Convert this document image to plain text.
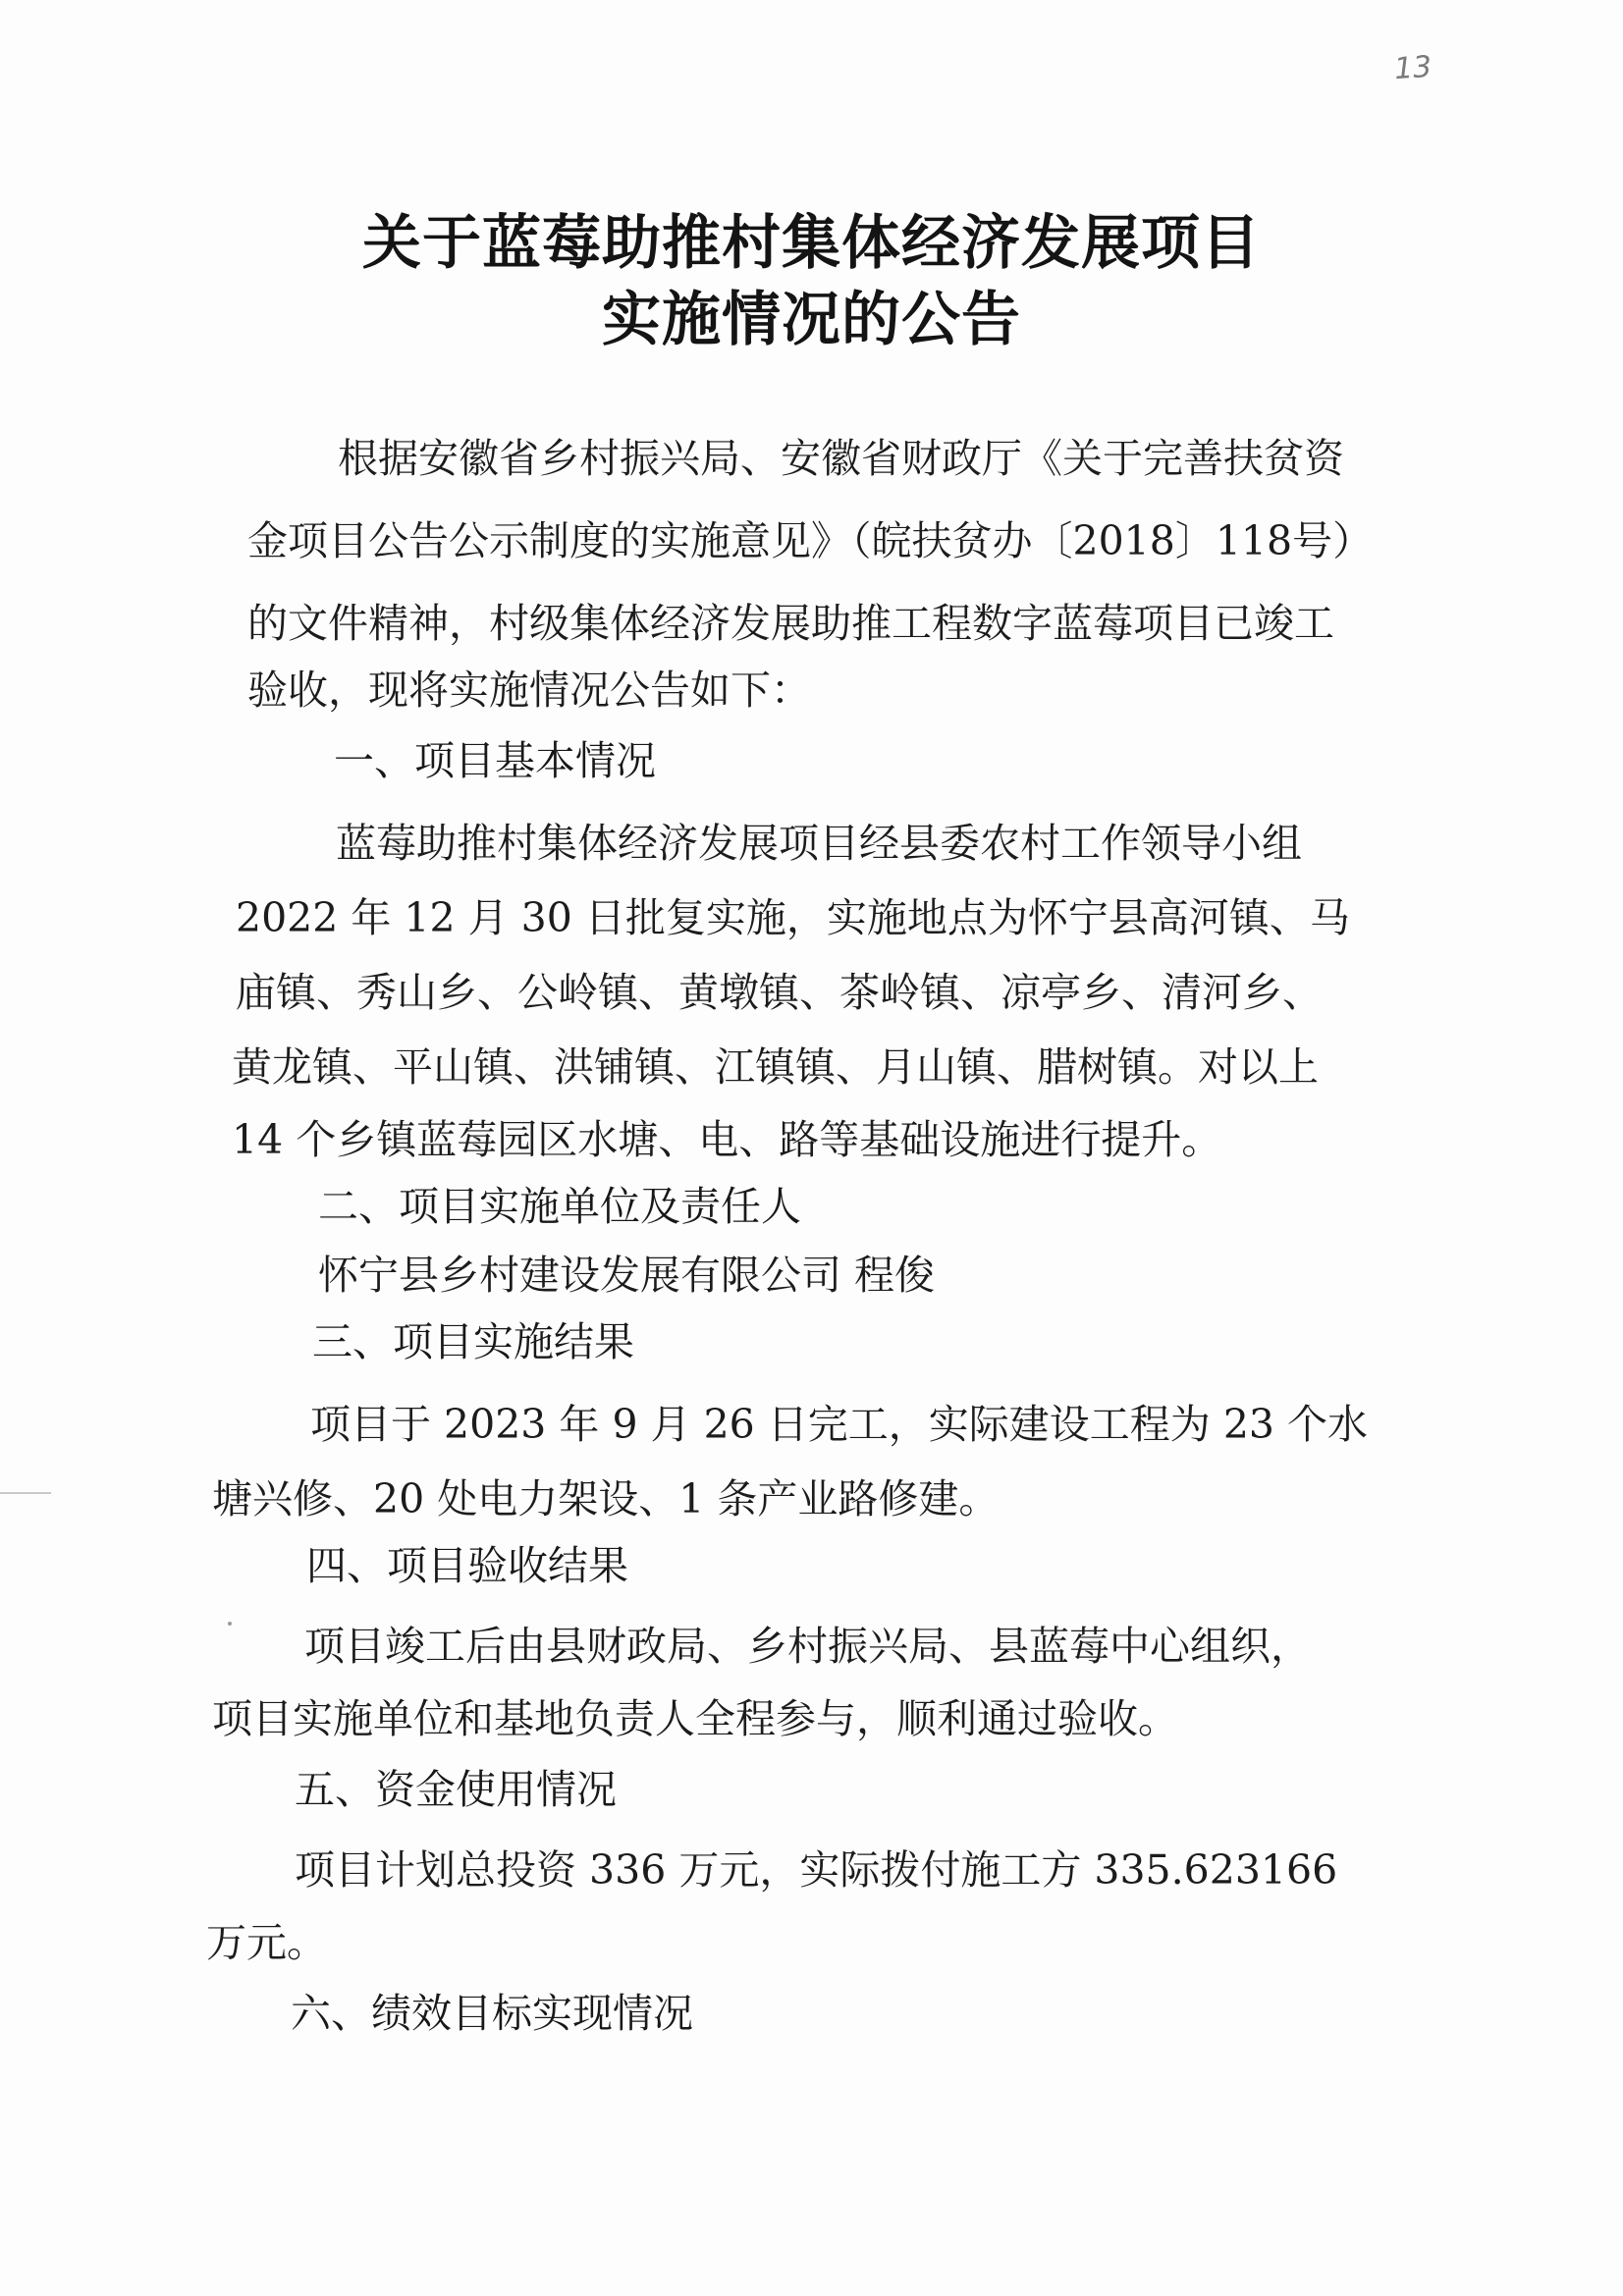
13
关于蓝莓助推村集体经济发展项目
实施情况的公告
根据安徽省乡村振兴局、安徽省财政厅《关于完善扶贫资
金项目公告公示制度的实施意见》（皖扶贫办〔2018〕118号）
的文件精神，村级集体经济发展助推工程数字蓝莓项目已竣工
验收，现将实施情况公告如下：
一、项目基本情况
蓝莓助推村集体经济发展项目经县委农村工作领导小组
2022 年 12 月 30 日批复实施，实施地点为怀宁县高河镇、马
庙镇、秀山乡、公岭镇、黄墩镇、茶岭镇、凉亭乡、清河乡、
黄龙镇、平山镇、洪铺镇、江镇镇、月山镇、腊树镇。对以上
14 个乡镇蓝莓园区水塘、电、路等基础设施进行提升。
二、项目实施单位及责任人
怀宁县乡村建设发展有限公司 程俊
三、项目实施结果
项目于 2023 年 9 月 26 日完工，实际建设工程为 23 个水
塘兴修、20 处电力架设、1 条产业路修建。
四、项目验收结果
项目竣工后由县财政局、乡村振兴局、县蓝莓中心组织，
项目实施单位和基地负责人全程参与，顺利通过验收。
五、资金使用情况
项目计划总投资 336 万元，实际拨付施工方 335.623166
万元。
六、绩效目标实现情况
